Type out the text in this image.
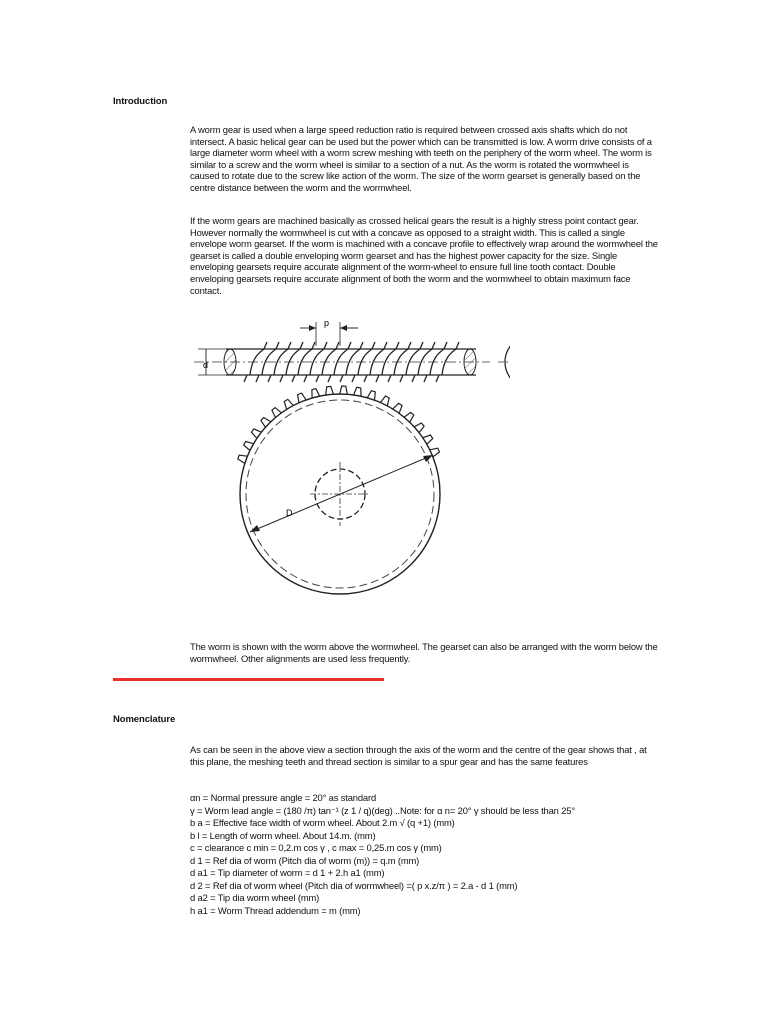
Introduction

A worm gear is used when a large speed reduction ratio is required between crossed axis shafts which do not intersect. A basic helical gear can be used but the power which can be transmitted is low. A worm drive consists of a large diameter worm wheel with a worm screw meshing with teeth on the periphery of the worm wheel. The worm is similar to a screw and the worm wheel is similar to a section of a nut. As the worm is rotated the wormwheel is caused to rotate due to the screw like action of the worm. The size of the worm gearset is generally based on the centre distance between the worm and the wormwheel.

If the worm gears are machined basically as crossed helical gears the result is a highly stress point contact gear. However normally the wormwheel is cut with a concave as opposed to a straight width. This is called a single envelope worm gearset. If the worm is machined with a concave profile to effectively wrap around the wormwheel the gearset is called a double enveloping worm gearset and has the highest power capacity for the size. Single enveloping gearsets require accurate alignment of the worm-wheel to ensure full line tooth contact. Double enveloping gearsets require accurate alignment of both the worm and the wormwheel to obtain maximum face contact.

D
p
d

The worm is shown with the worm above the wormwheel. The gearset can also be arranged with the worm below the wormwheel. Other alignments are used less frequently.

Nomenclature

As can be seen in the above view a section through the axis of the worm and the centre of the gear shows that , at this plane, the meshing teeth and thread section is similar to a spur gear and has the same features

αn = Normal pressure angle = 20° as standard
γ = Worm lead angle = (180 /π) tan⁻¹ (z 1 / q)(deg) ..Note: for α n= 20° γ should be less than 25°
b a = Effective face width of worm wheel. About 2.m √ (q +1) (mm)
b l = Length of worm wheel. About 14.m. (mm)
c = clearance c min = 0,2.m cos γ , c max = 0,25.m cos γ (mm)
d 1 = Ref dia of worm (Pitch dia of worm (m)) = q.m (mm)
d a1 = Tip diameter of worm = d 1 + 2.h a1 (mm)
d 2 = Ref dia of worm wheel (Pitch dia of wormwheel) =( p x.z/π ) = 2.a - d 1 (mm)
d a2 = Tip dia worm wheel (mm)
h a1 = Worm Thread addendum = m (mm)
